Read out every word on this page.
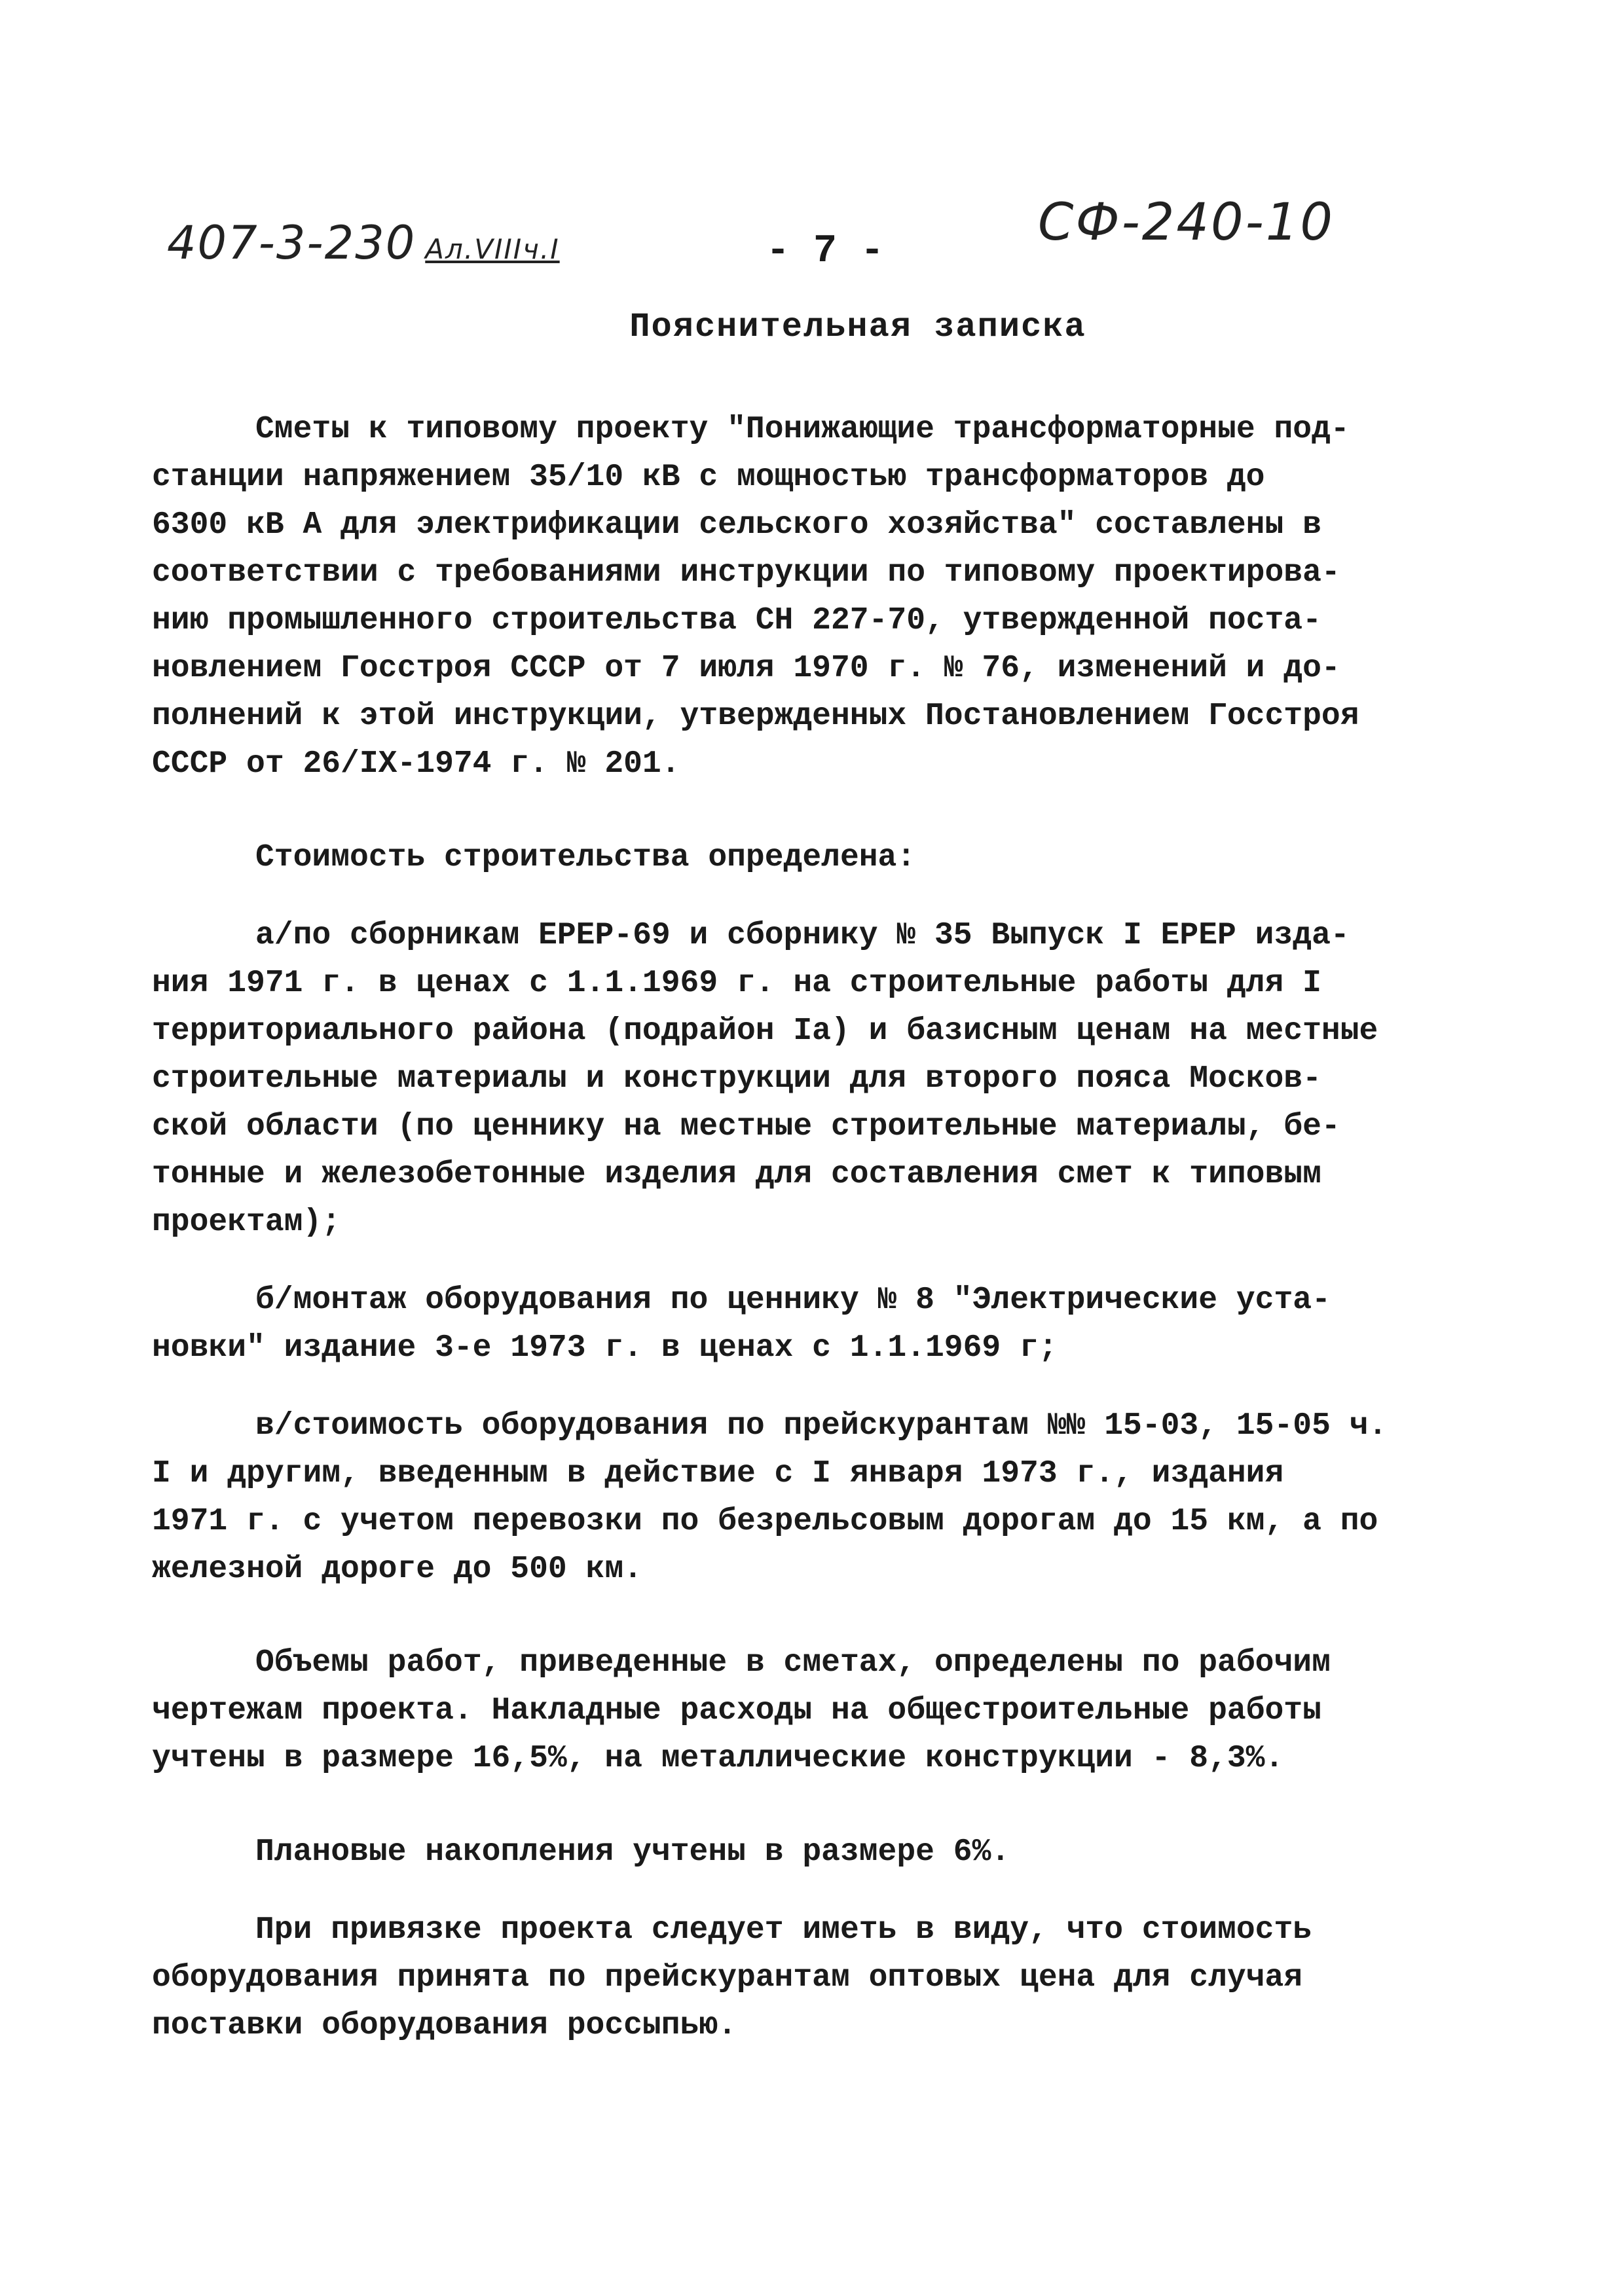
407-3-230 Ал.VIIIч.I	- 7 -	СФ-240-10
Пояснительная записка

Сметы к типовому проекту "Понижающие трансформаторные под-
станции напряжением 35/10 кВ с мощностью трансформаторов до
6300 кВ А для электрификации сельского хозяйства" составлены в
соответствии с требованиями инструкции по типовому проектирова-
нию промышленного строительства СН 227-70, утвержденной поста-
новлением Госстроя СССР от 7 июля 1970 г. № 76, изменений и до-
полнений к этой инструкции, утвержденных Постановлением Госстроя
СССР от 26/IX-1974 г. № 201.

Стоимость строительства определена:

а/по сборникам ЕРЕР-69 и сборнику № 35 Выпуск I ЕРЕР изда-
ния 1971 г. в ценах с 1.1.1969 г. на строительные работы для I
территориального района (подрайон Iа) и базисным ценам на местные
строительные материалы и конструкции для второго пояса Москов-
ской области (по ценнику на местные строительные материалы, бе-
тонные и железобетонные изделия для составления смет к типовым
проектам);

б/монтаж оборудования по ценнику № 8 "Электрические уста-
новки" издание 3-е 1973 г. в ценах с 1.1.1969 г;

в/стоимость оборудования по прейскурантам №№ 15-03, 15-05 ч.
I и другим, введенным в действие с I января 1973 г., издания
1971 г. с учетом перевозки по безрельсовым дорогам до 15 км, а по
железной дороге до 500 км.

Объемы работ, приведенные в сметах, определены по рабочим
чертежам проекта. Накладные расходы на общестроительные работы
учтены в размере 16,5%, на металлические конструкции - 8,3%.

Плановые накопления учтены в размере 6%.

При привязке проекта следует иметь в виду, что стоимость
оборудования принята по прейскурантам оптовых цена для случая
поставки оборудования россыпью.
